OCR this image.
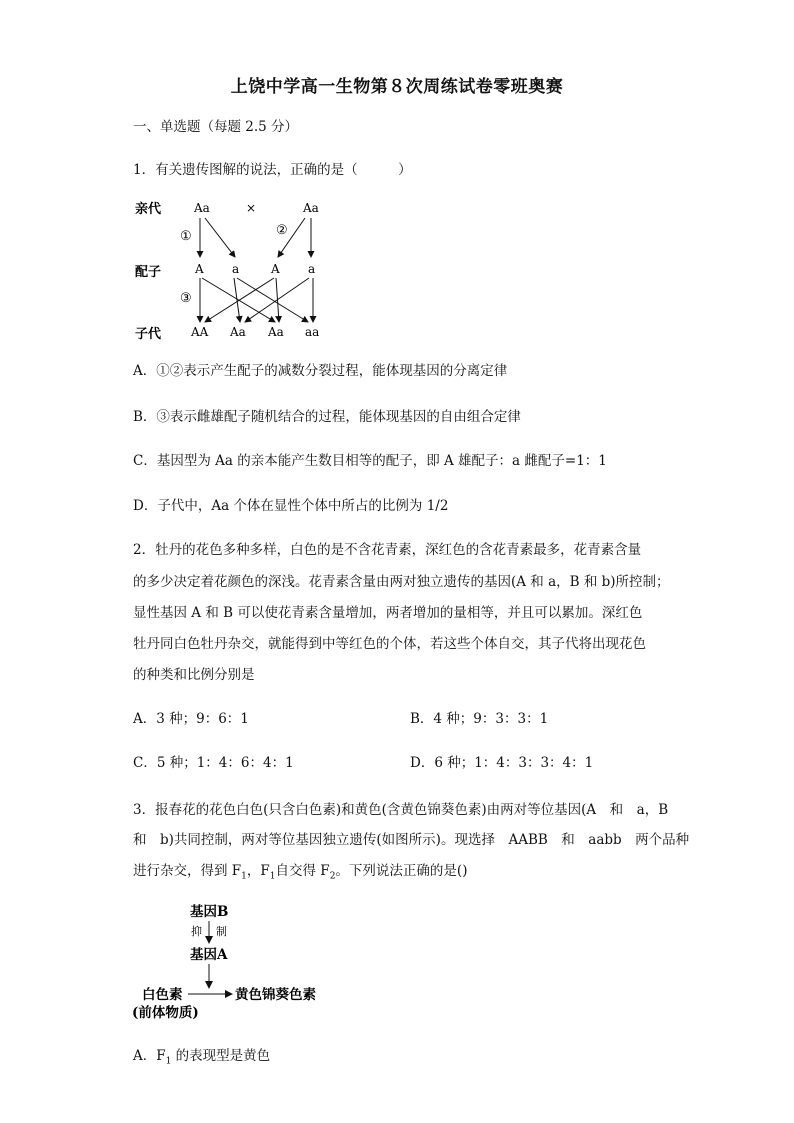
上饶中学高一生物第８次周练试卷零班奥赛
一、单选题（每题 2.5 分）
1．有关遗传图解的说法，正确的是（　　　）
亲代
配子
子代
Aa	×	Aa
①	②
③
A a	A a
AA Aa Aa aa
A．①②表示产生配子的减数分裂过程，能体现基因的分离定律
B．③表示雌雄配子随机结合的过程，能体现基因的自由组合定律
C．基因型为 Aa 的亲本能产生数目相等的配子，即 A 雄配子：a 雌配子=1：1
D．子代中，Aa 个体在显性个体中所占的比例为 1/2
2．牡丹的花色多种多样，白色的是不含花青素，深红色的含花青素最多，花青素含量
的多少决定着花颜色的深浅。花青素含量由两对独立遗传的基因(A 和 a，B 和 b)所控制；
显性基因 A 和 B 可以使花青素含量增加，两者增加的量相等，并且可以累加。深红色
牡丹同白色牡丹杂交，就能得到中等红色的个体，若这些个体自交，其子代将出现花色
的种类和比例分别是
A．3 种；9：6：1	B．4 种；9：3：3：1
C．5 种；1：4：6：4：1	D．6 种；1：4：3：3：4：1
3．报春花的花色白色(只含白色素)和黄色(含黄色锦葵色素)由两对等位基因(A　和　a，B
和　b)共同控制，两对等位基因独立遗传(如图所示)。现选择　AABB　和　aabb　两个品种
进行杂交，得到 $F_1$，$F_1$自交得 $F_2$。下列说法正确的是()
基因B
抑 制
基因A
白色素	黄色锦葵色素
(前体物质)
A．$F_1$ 的表现型是黄色
